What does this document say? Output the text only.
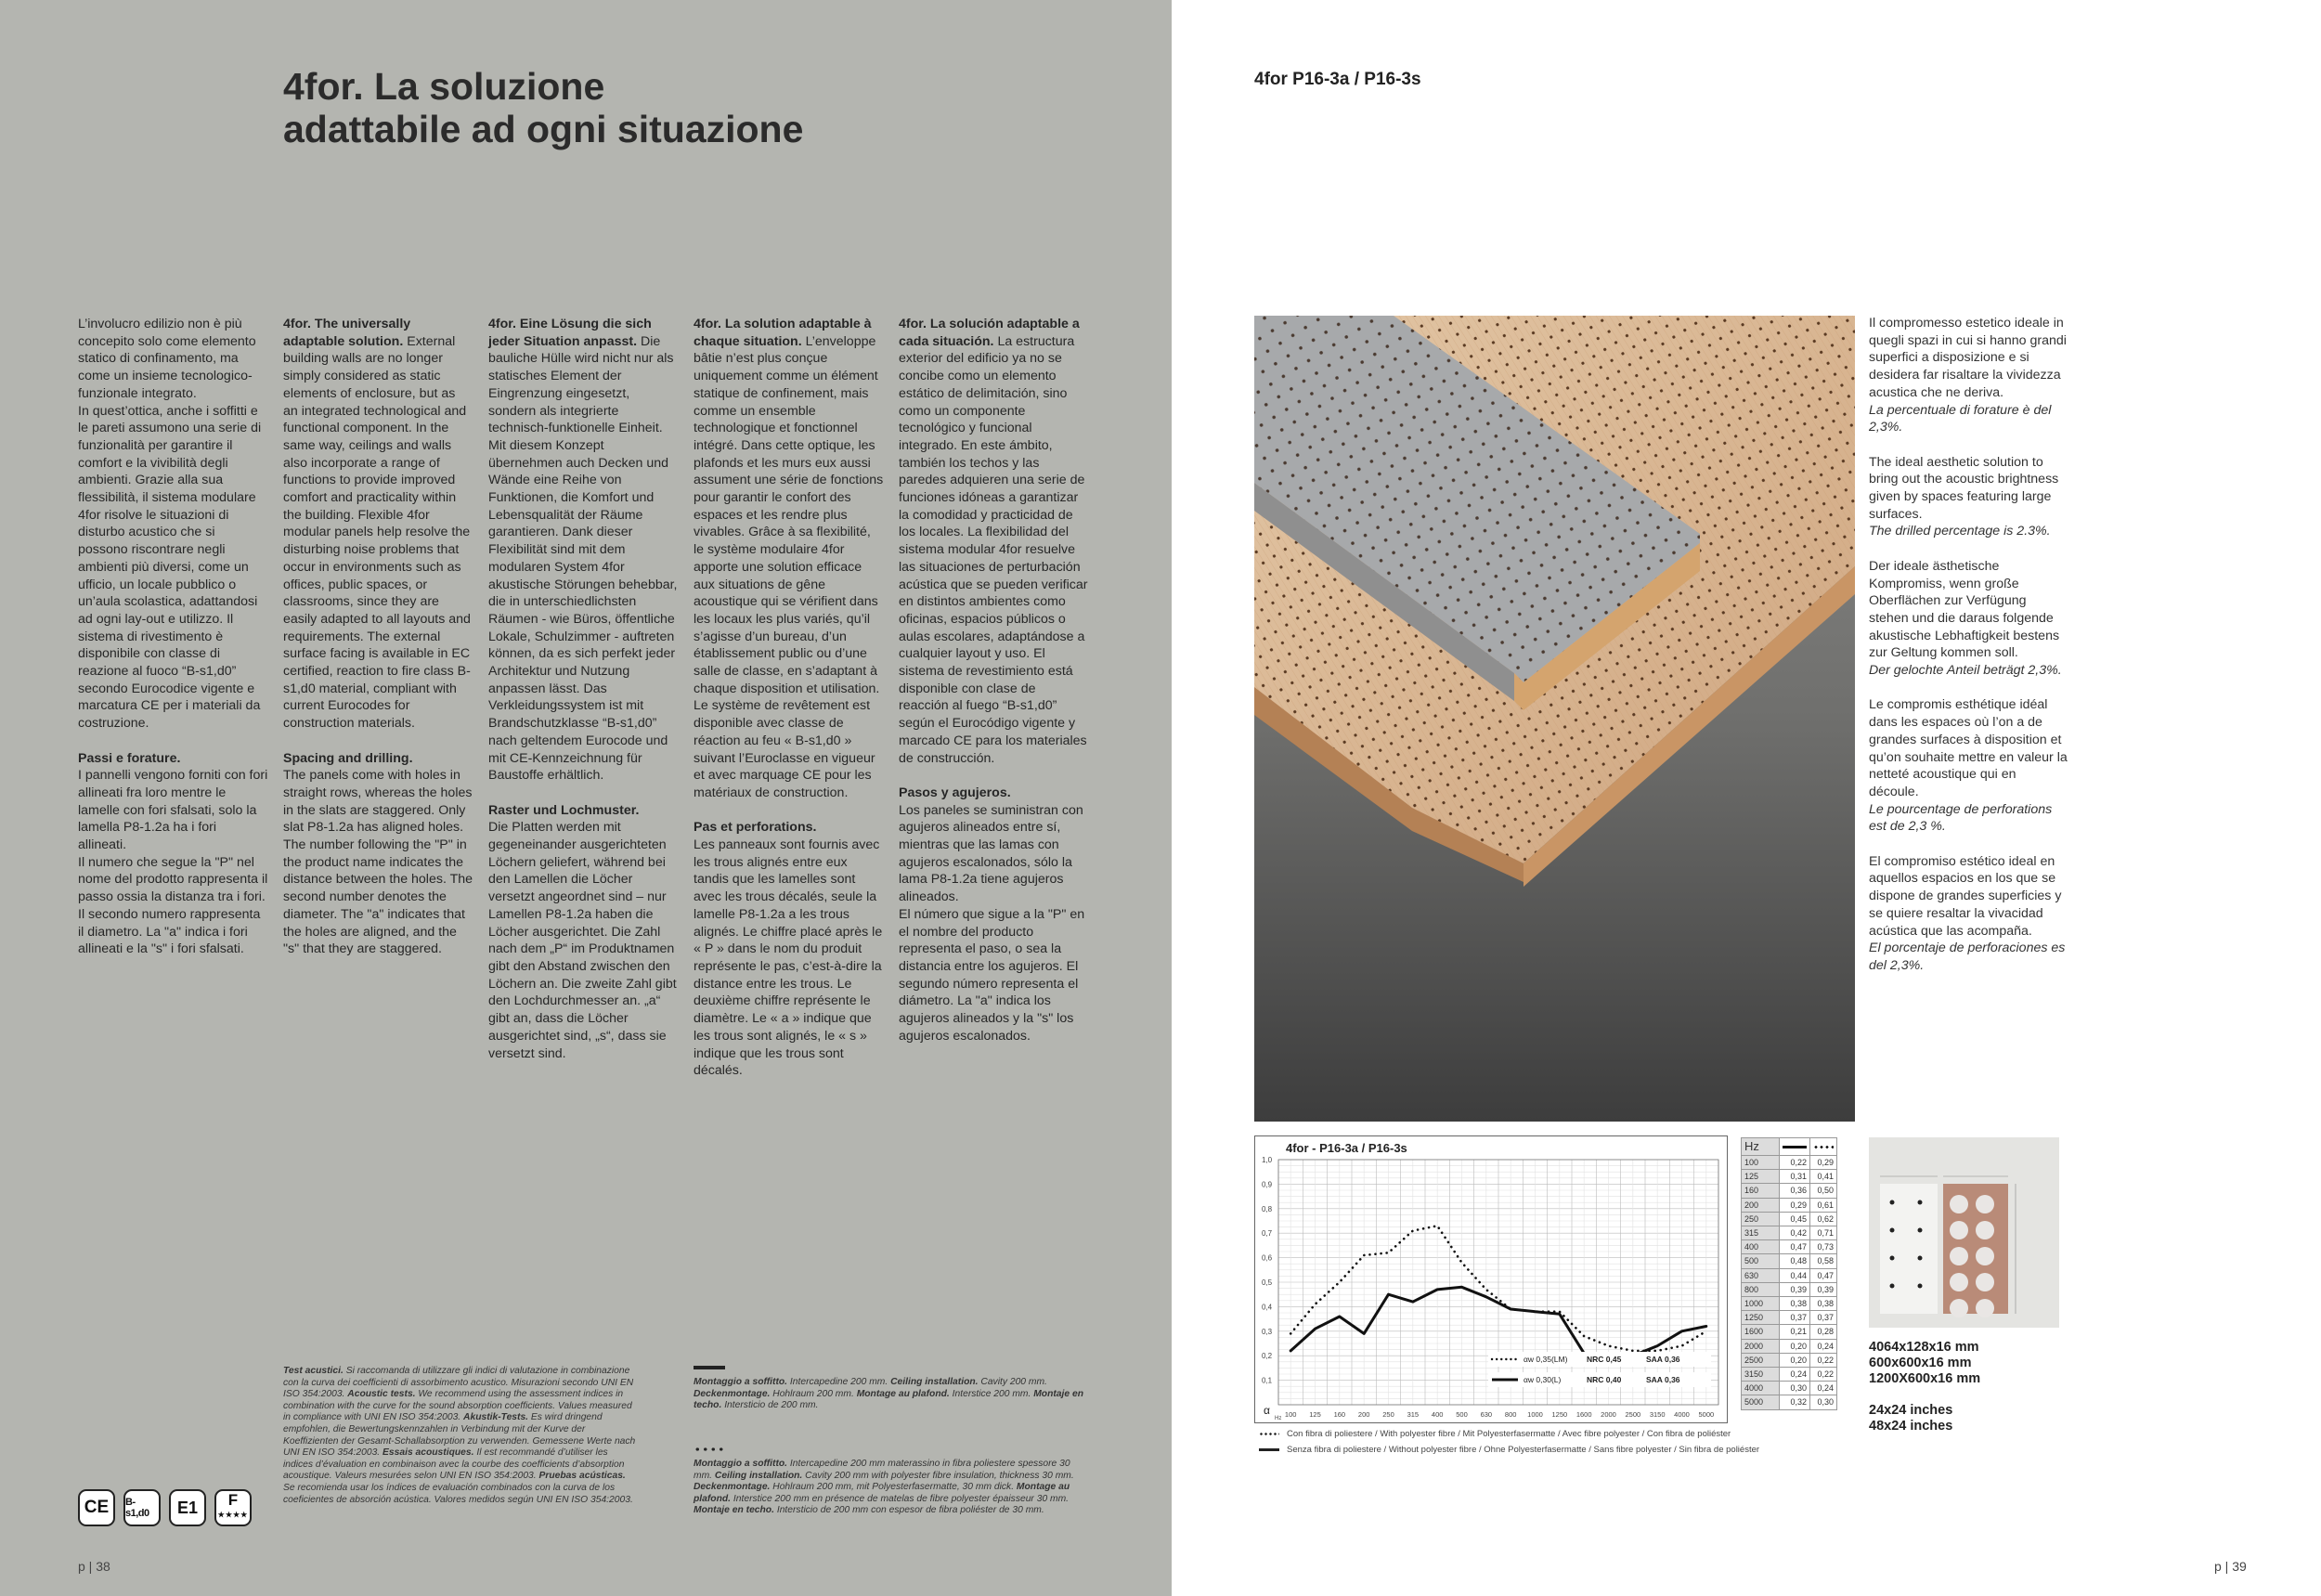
4for. La soluzione
adattabile ad ogni situazione

L’involucro edilizio non è più concepito solo come elemento statico di confinamento, ma come un insieme tecnologico-funzionale integrato.
In quest’ottica, anche i soffitti e le pareti assumono una serie di funzionalità per garantire il comfort e la vivibilità degli ambienti. Grazie alla sua flessibilità, il sistema modulare 4for risolve le situazioni di disturbo acustico che si possono riscontrare negli ambienti più diversi, come un ufficio, un locale pubblico o un’aula scolastica, adattandosi ad ogni lay-out e utilizzo. Il sistema di rivestimento è disponibile con classe di reazione al fuoco “B-s1,d0” secondo Eurocodice vigente e marcatura CE per i materiali da costruzione.

Passi e forature.
I pannelli vengono forniti con fori allineati fra loro mentre le lamelle con fori sfalsati, solo la lamella P8-1.2a ha i fori allineati.
Il numero che segue la "P" nel nome del prodotto rappresenta il passo ossia la distanza tra i fori. Il secondo numero rappresenta il diametro. La "a" indica i fori allineati e la "s" i fori sfalsati.

4for. The universally adaptable solution. External building walls are no longer simply considered as static elements of enclosure, but as an integrated technological and functional component. In the same way, ceilings and walls also incorporate a range of functions to provide improved comfort and practicality within the building. Flexible 4for modular panels help resolve the disturbing noise problems that occur in environments such as offices, public spaces, or classrooms, since they are easily adapted to all layouts and requirements. The external surface facing is available in EC certified, reaction to fire class B-s1,d0 material, compliant with current Eurocodes for construction materials.

Spacing and drilling.
The panels come with holes in straight rows, whereas the holes in the slats are staggered. Only slat P8-1.2a has aligned holes. The number following the "P" in the product name indicates the distance between the holes. The second number denotes the diameter. The "a" indicates that the holes are aligned, and the "s" that they are staggered.

4for. Eine Lösung die sich jeder Situation anpasst. Die bauliche Hülle wird nicht nur als statisches Element der Eingrenzung eingesetzt, sondern als integrierte technisch-funktionelle Einheit. Mit diesem Konzept übernehmen auch Decken und Wände eine Reihe von Funktionen, die Komfort und Lebensqualität der Räume garantieren. Dank dieser Flexibilität sind mit dem modularen System 4for akustische Störungen behebbar, die in unterschiedlichsten Räumen - wie Büros, öffentliche Lokale, Schulzimmer - auftreten können, da es sich perfekt jeder Architektur und Nutzung anpassen lässt. Das Verkleidungssystem ist mit Brandschutzklasse “B-s1,d0” nach geltendem Eurocode und mit CE-Kennzeichnung für Baustoffe erhältlich.

Raster und Lochmuster.
Die Platten werden mit gegeneinander ausgerichteten Löchern geliefert, während bei den Lamellen die Löcher versetzt angeordnet sind – nur Lamellen P8-1.2a haben die Löcher ausgerichtet. Die Zahl nach dem „P“ im Produktnamen gibt den Abstand zwischen den Löchern an. Die zweite Zahl gibt den Lochdurchmesser an. „a“ gibt an, dass die Löcher ausgerichtet sind, „s“, dass sie versetzt sind.

4for. La solution adaptable à chaque situation. L’enveloppe bâtie n’est plus conçue uniquement comme un élément statique de confinement, mais comme un ensemble technologique et fonctionnel intégré. Dans cette optique, les plafonds et les murs eux aussi assument une série de fonctions pour garantir le confort des espaces et les rendre plus vivables. Grâce à sa flexibilité, le système modulaire 4for apporte une solution efficace aux situations de gêne acoustique qui se vérifient dans les locaux les plus variés, qu’il s’agisse d’un bureau, d’un établissement public ou d’une salle de classe, en s’adaptant à chaque disposition et utilisation. Le système de revêtement est disponible avec classe de réaction au feu « B-s1,d0 » suivant l’Euroclasse en vigueur et avec marquage CE pour les matériaux de construction.

Pas et perforations.
Les panneaux sont fournis avec les trous alignés entre eux tandis que les lamelles sont avec les trous décalés, seule la lamelle P8-1.2a a les trous alignés. Le chiffre placé après le « P » dans le nom du produit représente le pas, c’est-à-dire la distance entre les trous. Le deuxième chiffre représente le diamètre. Le « a » indique que les trous sont alignés, le « s » indique que les trous sont décalés.

4for. La solución adaptable a cada situación. La estructura exterior del edificio ya no se concibe como un elemento estático de delimitación, sino como un componente tecnológico y funcional integrado. En este ámbito, también los techos y las paredes adquieren una serie de funciones idóneas a garantizar la comodidad y practicidad de los locales. La flexibilidad del sistema modular 4for resuelve las situaciones de perturbación acústica que se pueden verificar en distintos ambientes como oficinas, espacios públicos o aulas escolares, adaptándose a cualquier layout y uso. El sistema de revestimiento está disponible con clase de reacción al fuego “B-s1,d0” según el Eurocódigo vigente y marcado CE para los materiales de construcción.

Pasos y agujeros.
Los paneles se suministran con agujeros alineados entre sí, mientras que las lamas con agujeros escalonados, sólo la lama P8-1.2a tiene agujeros alineados.
El número que sigue a la "P" en el nombre del producto representa el paso, o sea la distancia entre los agujeros. El segundo número representa el diámetro. La "a" indica los agujeros alineados y la "s" los agujeros escalonados.

Test acustici. Si raccomanda di utilizzare gli indici di valutazione in combinazione con la curva dei coefficienti di assorbimento acustico. Misurazioni secondo UNI EN ISO 354:2003. Acoustic tests. We recommend using the assessment indices in combination with the curve for the sound absorption coefficients. Values measured in compliance with UNI EN ISO 354:2003. Akustik-Tests. Es wird dringend empfohlen, die Bewertungskennzahlen in Verbindung mit der Kurve der Koeffizienten der Gesamt-Schallabsorption zu verwenden. Gemessene Werte nach UNI EN ISO 354:2003. Essais acoustiques. Il est recommandé d’utiliser les indices d’évaluation en combinaison avec la courbe des coefficients d’absorption acoustique. Valeurs mesurées selon UNI EN ISO 354:2003. Pruebas acústicas. Se recomienda usar los índices de evaluación combinados con la curva de los coeficientes de absorción acústica. Valores medidos según UNI EN ISO 354:2003.
Montaggio a soffitto. Intercapedine 200 mm. Ceiling installation. Cavity 200 mm. Deckenmontage. Hohlraum 200 mm. Montage au plafond. Interstice 200 mm. Montaje en techo. Intersticio de 200 mm.
Montaggio a soffitto. Intercapedine 200 mm materassino in fibra poliestere spessore 30 mm. Ceiling installation. Cavity 200 mm with polyester fibre insulation, thickness 30 mm. Deckenmontage. Hohlraum 200 mm, mit Polyesterfasermatte, 30 mm dick. Montage au plafond. Interstice 200 mm en présence de matelas de fibre polyester épaisseur 30 mm. Montaje en techo. Intersticio de 200 mm con espesor de fibra poliéster de 30 mm.
CE	B-s1,d0	E1	F
★★★★
p | 38
4for P16-3a / P16-3s

Il compromesso estetico ideale in quegli spazi in cui si hanno grandi superfici a disposizione e si desidera far risaltare la vividezza acustica che ne deriva.
La percentuale di forature è del 2,3%.

The ideal aesthetic solution to bring out the acoustic brightness given by spaces featuring large surfaces.
The drilled percentage is 2.3%.

Der ideale ästhetische Kompromiss, wenn große Oberflächen zur Verfügung stehen und die daraus folgende akustische Lebhaftigkeit bestens zur Geltung kommen soll.
Der gelochte Anteil beträgt 2,3%.

Le compromis esthétique idéal dans les espaces où l’on a de grandes surfaces à disposition et qu’on souhaite mettre en valeur la netteté acoustique qui en découle.
Le pourcentage de perforations est de 2,3 %.

El compromiso estético ideal en aquellos espacios en los que se dispone de grandes superficies y se quiere resaltar la vivacidad acústica que las acompaña.
El porcentaje de perforaciones es del 2,3%.

4for - P16-3a / P16-3s
1,0
0,9
0,8
0,7
0,6
0,5
0,4
0,3
0,2
0,1
α
Hz 100 125 160 200 250 315 400 500 630 800 1000 1250 1600 2000 2500 3150 4000 5000
αw 0,35(LM) NRC 0,45	SAA 0,36
αw 0,30(L)	NRC 0,40	SAA 0,36
Hz		
100	0,22	0,29
125	0,31	0,41
160	0,36	0,50
200	0,29	0,61
250	0,45	0,62
315	0,42	0,71
400	0,47	0,73
500	0,48	0,58
630	0,44	0,47
800	0,39	0,39
1000	0,38	0,38
1250	0,37	0,37
1600	0,21	0,28
2000	0,20	0,24
2500	0,20	0,22
3150	0,24	0,22
4000	0,30	0,24
5000	0,32	0,30
Con fibra di poliestere / With polyester fibre / Mit Polyesterfasermatte / Avec fibre polyester / Con fibra de poliéster
Senza fibra di poliestere / Without polyester fibre / Ohne Polyesterfasermatte / Sans fibre polyester / Sin fibra de poliéster
4064x128x16 mm
600x600x16 mm
1200X600x16 mm
24x24 inches
48x24 inches
p | 39
